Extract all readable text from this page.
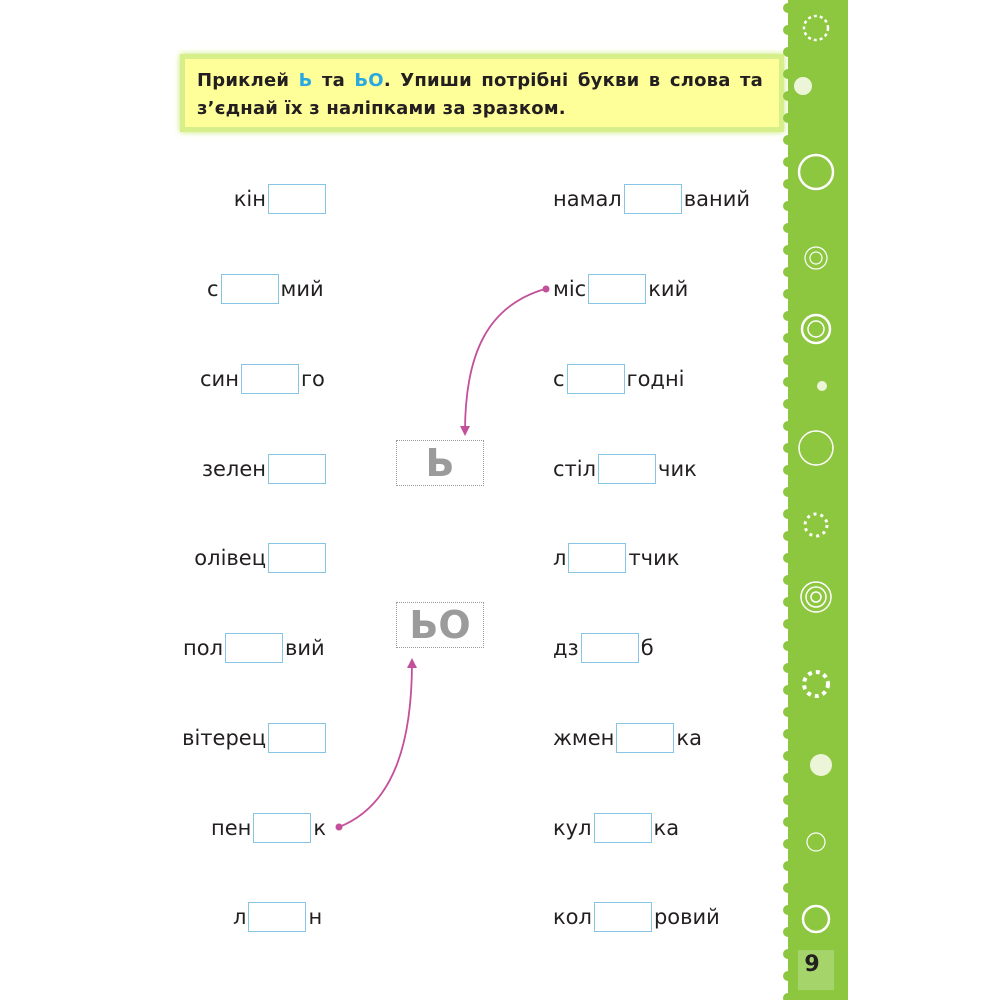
Приклей Ь та ЬО. Упиши потрібні букви в слова та з’єднай їх з наліпками за зразком.
кін
с	мий
син	го
зелен
олівец
пол	вий
вітерец
пен	к
л	н
намал	ваний
міс	кий
с	годні
стіл	чик
л	тчик
дз	б
жмен	ка
кул	ка
кол	ровий
Ь
ЬО
9
